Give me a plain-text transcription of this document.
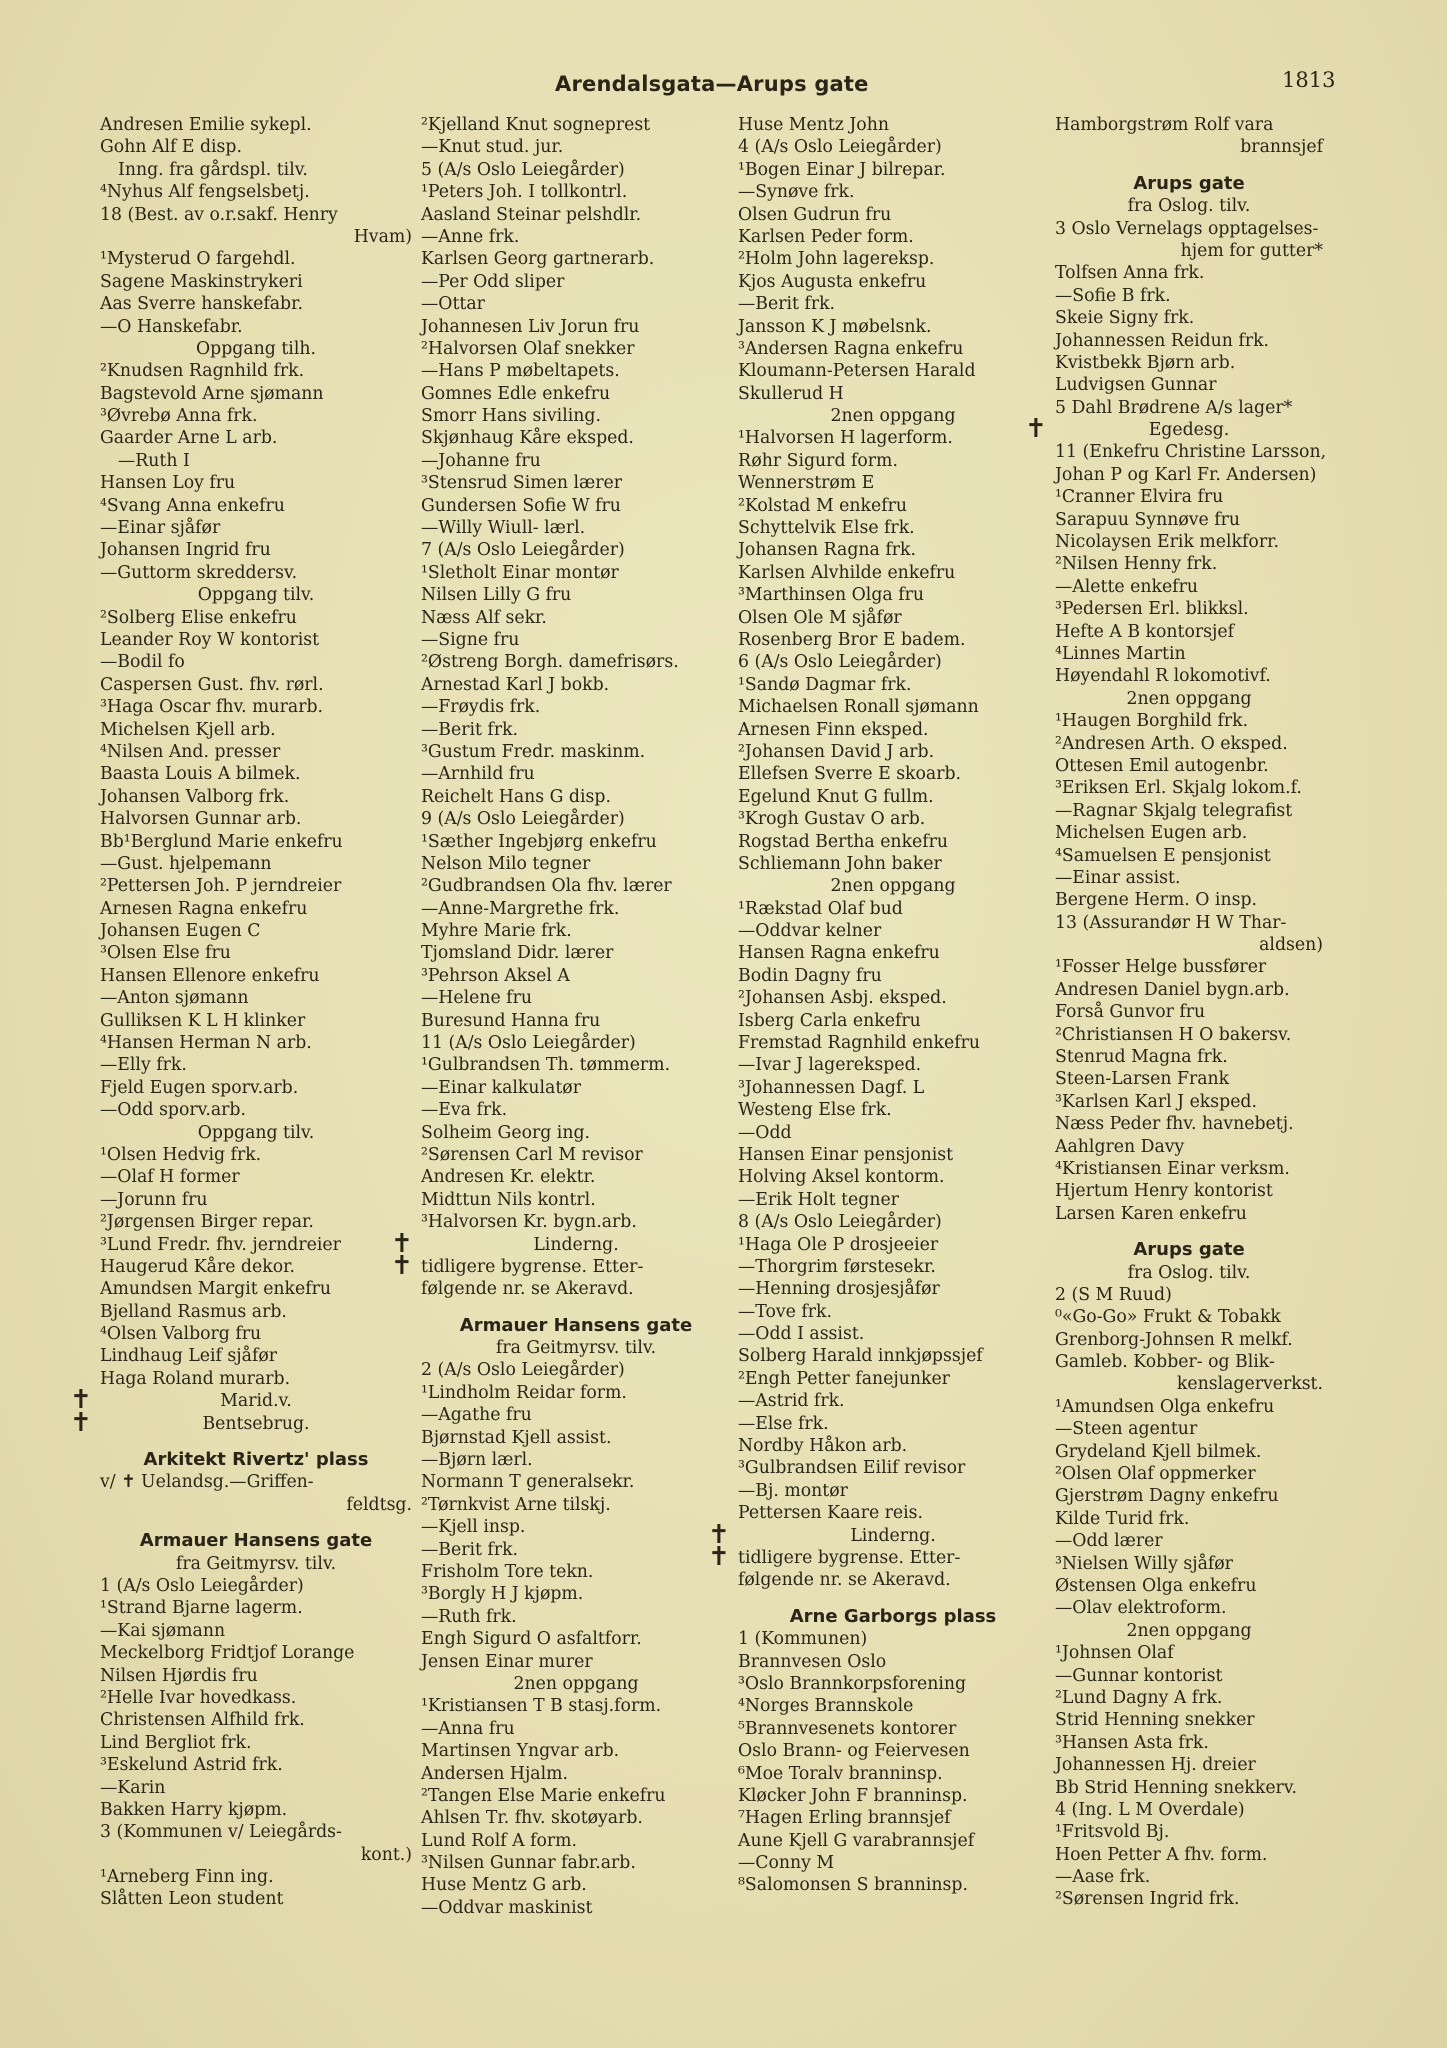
Arendalsgata—Arups gate	1813
Andresen Emilie sykepl.
Gohn Alf E disp.
Inng. fra gårdspl. tilv.
⁴Nyhus Alf fengselsbetj.
18 (Best. av o.r.sakf. Henry
Hvam)
¹Mysterud O fargehdl.
Sagene Maskinstrykeri
Aas Sverre hanskefabr.
—O Hanskefabr.
Oppgang tilh.
²Knudsen Ragnhild frk.
Bagstevold Arne sjømann
³Øvrebø Anna frk.
Gaarder Arne L arb.
—Ruth I
Hansen Loy fru
⁴Svang Anna enkefru
—Einar sjåfør
Johansen Ingrid fru
—Guttorm skreddersv.
Oppgang tilv.
²Solberg Elise enkefru
Leander Roy W kontorist
—Bodil fo
Caspersen Gust. fhv. rørl.
³Haga Oscar fhv. murarb.
Michelsen Kjell arb.
⁴Nilsen And. presser
Baasta Louis A bilmek.
Johansen Valborg frk.
Halvorsen Gunnar arb.
Bb¹Berglund Marie enkefru
—Gust. hjelpemann
²Pettersen Joh. P jerndreier
Arnesen Ragna enkefru
Johansen Eugen C
³Olsen Else fru
Hansen Ellenore enkefru
—Anton sjømann
Gulliksen K L H klinker
⁴Hansen Herman N arb.
—Elly frk.
Fjeld Eugen sporv.arb.
—Odd sporv.arb.
Oppgang tilv.
¹Olsen Hedvig frk.
—Olaf H former
—Jorunn fru
²Jørgensen Birger repar.
³Lund Fredr. fhv. jerndreier
Haugerud Kåre dekor.
Amundsen Margit enkefru
Bjelland Rasmus arb.
⁴Olsen Valborg fru
Lindhaug Leif sjåfør
Haga Roland murarb.
✝	Marid.v.
✝	Bentsebrug.
Arkitekt Rivertz' plass
v/ ✝ Uelandsg.—Griffen-
feldtsg.
Armauer Hansens gate
fra Geitmyrsv. tilv.
1 (A/s Oslo Leiegårder)
¹Strand Bjarne lagerm.
—Kai sjømann
Meckelborg Fridtjof Lorange
Nilsen Hjørdis fru
²Helle Ivar hovedkass.
Christensen Alfhild frk.
Lind Bergliot frk.
³Eskelund Astrid frk.
—Karin
Bakken Harry kjøpm.
3 (Kommunen v/ Leiegårds-
kont.)
¹Arneberg Finn ing.
Slåtten Leon student
²Kjelland Knut sogneprest
—Knut stud. jur.
5 (A/s Oslo Leiegårder)
¹Peters Joh. I tollkontrl.
Aasland Steinar pelshdlr.
—Anne frk.
Karlsen Georg gartnerarb.
—Per Odd sliper
—Ottar
Johannesen Liv Jorun fru
²Halvorsen Olaf snekker
—Hans P møbeltapets.
Gomnes Edle enkefru
Smorr Hans siviling.
Skjønhaug Kåre eksped.
—Johanne fru
³Stensrud Simen lærer
Gundersen Sofie W fru
—Willy Wiull- lærl.
7 (A/s Oslo Leiegårder)
¹Sletholt Einar montør
Nilsen Lilly G fru
Næss Alf sekr.
—Signe fru
²Østreng Borgh. damefrisørs.
Arnestad Karl J bokb.
—Frøydis frk.
—Berit frk.
³Gustum Fredr. maskinm.
—Arnhild fru
Reichelt Hans G disp.
9 (A/s Oslo Leiegårder)
¹Sæther Ingebjørg enkefru
Nelson Milo tegner
²Gudbrandsen Ola fhv. lærer
—Anne-Margrethe frk.
Myhre Marie frk.
Tjomsland Didr. lærer
³Pehrson Aksel A
—Helene fru
Buresund Hanna fru
11 (A/s Oslo Leiegårder)
¹Gulbrandsen Th. tømmerm.
—Einar kalkulatør
—Eva frk.
Solheim Georg ing.
²Sørensen Carl M revisor
Andresen Kr. elektr.
Midttun Nils kontrl.
³Halvorsen Kr. bygn.arb.
✝	Linderng.
✝ tidligere bygrense. Etter-
følgende nr. se Akeravd.
Armauer Hansens gate
fra Geitmyrsv. tilv.
2 (A/s Oslo Leiegårder)
¹Lindholm Reidar form.
—Agathe fru
Bjørnstad Kjell assist.
—Bjørn lærl.
Normann T generalsekr.
²Tørnkvist Arne tilskj.
—Kjell insp.
—Berit frk.
Frisholm Tore tekn.
³Borgly H J kjøpm.
—Ruth frk.
Engh Sigurd O asfaltforr.
Jensen Einar murer
2nen oppgang
¹Kristiansen T B stasj.form.
—Anna fru
Martinsen Yngvar arb.
Andersen Hjalm.
²Tangen Else Marie enkefru
Ahlsen Tr. fhv. skotøyarb.
Lund Rolf A form.
³Nilsen Gunnar fabr.arb.
Huse Mentz G arb.
—Oddvar maskinist
Huse Mentz John
4 (A/s Oslo Leiegårder)
¹Bogen Einar J bilrepar.
—Synøve frk.
Olsen Gudrun fru
Karlsen Peder form.
²Holm John lagereksp.
Kjos Augusta enkefru
—Berit frk.
Jansson K J møbelsnk.
³Andersen Ragna enkefru
Kloumann-Petersen Harald
Skullerud H
2nen oppgang
¹Halvorsen H lagerform.
Røhr Sigurd form.
Wennerstrøm E
²Kolstad M enkefru
Schyttelvik Else frk.
Johansen Ragna frk.
Karlsen Alvhilde enkefru
³Marthinsen Olga fru
Olsen Ole M sjåfør
Rosenberg Bror E badem.
6 (A/s Oslo Leiegårder)
¹Sandø Dagmar frk.
Michaelsen Ronall sjømann
Arnesen Finn eksped.
²Johansen David J arb.
Ellefsen Sverre E skoarb.
Egelund Knut G fullm.
³Krogh Gustav O arb.
Rogstad Bertha enkefru
Schliemann John baker
2nen oppgang
¹Rækstad Olaf bud
—Oddvar kelner
Hansen Ragna enkefru
Bodin Dagny fru
²Johansen Asbj. eksped.
Isberg Carla enkefru
Fremstad Ragnhild enkefru
—Ivar J lagereksped.
³Johannessen Dagf. L
Westeng Else frk.
—Odd
Hansen Einar pensjonist
Holving Aksel kontorm.
—Erik Holt tegner
8 (A/s Oslo Leiegårder)
¹Haga Ole P drosjeeier
—Thorgrim førstesekr.
—Henning drosjesjåfør
—Tove frk.
—Odd I assist.
Solberg Harald innkjøpssjef
²Engh Petter fanejunker
—Astrid frk.
—Else frk.
Nordby Håkon arb.
³Gulbrandsen Eilif revisor
—Bj. montør
Pettersen Kaare reis.
✝	Linderng.
✝ tidligere bygrense. Etter-
følgende nr. se Akeravd.
Arne Garborgs plass
1 (Kommunen)
Brannvesen Oslo
³Oslo Brannkorpsforening
⁴Norges Brannskole
⁵Brannvesenets kontorer
Oslo Brann- og Feiervesen
⁶Moe Toralv branninsp.
Kløcker John F branninsp.
⁷Hagen Erling brannsjef
Aune Kjell G varabrannsjef
—Conny M
⁸Salomonsen S branninsp.
Hamborgstrøm Rolf vara
brannsjef
Arups gate
fra Oslog. tilv.
3 Oslo Vernelags opptagelses-
hjem for gutter*
Tolfsen Anna frk.
—Sofie B frk.
Skeie Signy frk.
Johannessen Reidun frk.
Kvistbekk Bjørn arb.
Ludvigsen Gunnar
5 Dahl Brødrene A/s lager*
✝	Egedesg.
11 (Enkefru Christine Larsson,
Johan P og Karl Fr. Andersen)
¹Cranner Elvira fru
Sarapuu Synnøve fru
Nicolaysen Erik melkforr.
²Nilsen Henny frk.
—Alette enkefru
³Pedersen Erl. blikksl.
Hefte A B kontorsjef
⁴Linnes Martin
Høyendahl R lokomotivf.
2nen oppgang
¹Haugen Borghild frk.
²Andresen Arth. O eksped.
Ottesen Emil autogenbr.
³Eriksen Erl. Skjalg lokom.f.
—Ragnar Skjalg telegrafist
Michelsen Eugen arb.
⁴Samuelsen E pensjonist
—Einar assist.
Bergene Herm. O insp.
13 (Assurandør H W Thar-
aldsen)
¹Fosser Helge bussfører
Andresen Daniel bygn.arb.
Forså Gunvor fru
²Christiansen H O bakersv.
Stenrud Magna frk.
Steen-Larsen Frank
³Karlsen Karl J eksped.
Næss Peder fhv. havnebetj.
Aahlgren Davy
⁴Kristiansen Einar verksm.
Hjertum Henry kontorist
Larsen Karen enkefru
Arups gate
fra Oslog. tilv.
2 (S M Ruud)
⁰«Go-Go» Frukt & Tobakk
Grenborg-Johnsen R melkf.
Gamleb. Kobber- og Blik-
kenslagerverkst.
¹Amundsen Olga enkefru
—Steen agentur
Grydeland Kjell bilmek.
²Olsen Olaf oppmerker
Gjerstrøm Dagny enkefru
Kilde Turid frk.
—Odd lærer
³Nielsen Willy sjåfør
Østensen Olga enkefru
—Olav elektroform.
2nen oppgang
¹Johnsen Olaf
—Gunnar kontorist
²Lund Dagny A frk.
Strid Henning snekker
³Hansen Asta frk.
Johannessen Hj. dreier
Bb Strid Henning snekkerv.
4 (Ing. L M Overdale)
¹Fritsvold Bj.
Hoen Petter A fhv. form.
—Aase frk.
²Sørensen Ingrid frk.
